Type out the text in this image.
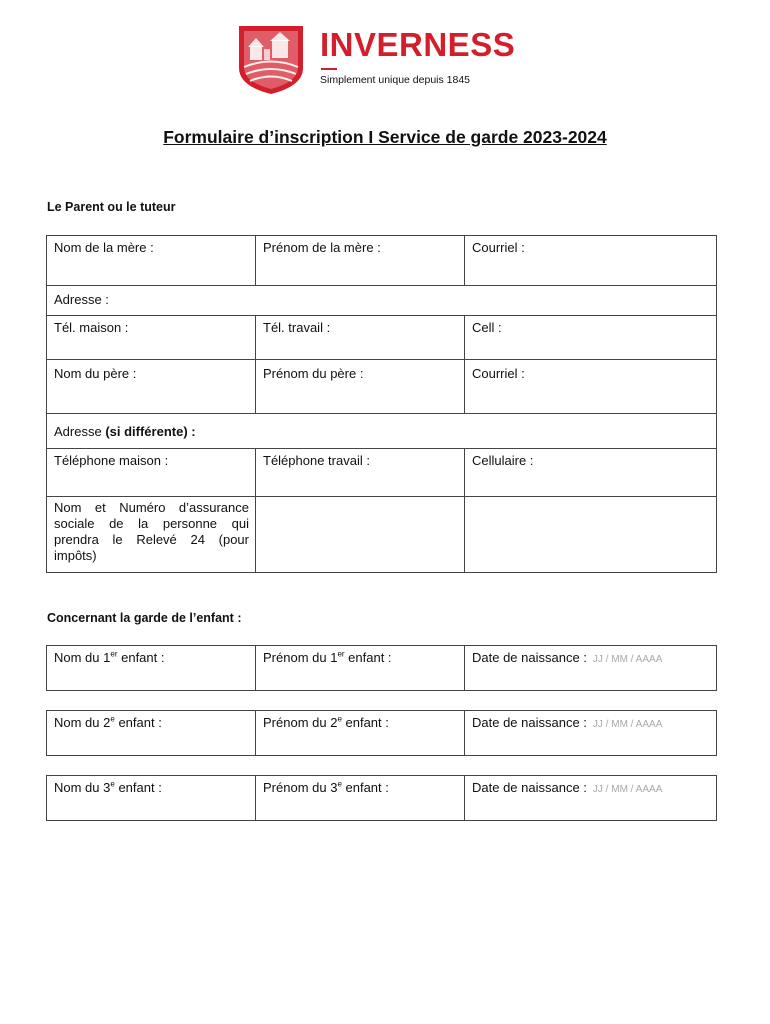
INVERNESS
Simplement unique depuis 1845
Formulaire d’inscription I Service de garde 2023-2024
Le Parent ou le tuteur
Nom de la mère :	Prénom de la mère :	Courriel :
Adresse :		
Tél. maison :	Tél. travail :	Cell :
Nom du père :	Prénom du père :	Courriel :
Adresse (si différente) :		
Téléphone maison :	Téléphone travail :	Cellulaire :
Nom et Numéro d’assurance sociale de la personne qui prendra le Relevé 24 (pour impôts)		
Concernant la garde de l’enfant :
Nom du 1er enfant :	Prénom du 1er enfant :	Date de naissance : JJ / MM / AAAA
Nom du 2e enfant :	Prénom du 2e enfant :	Date de naissance : JJ / MM / AAAA
Nom du 3e enfant :	Prénom du 3e enfant :	Date de naissance : JJ / MM / AAAA
